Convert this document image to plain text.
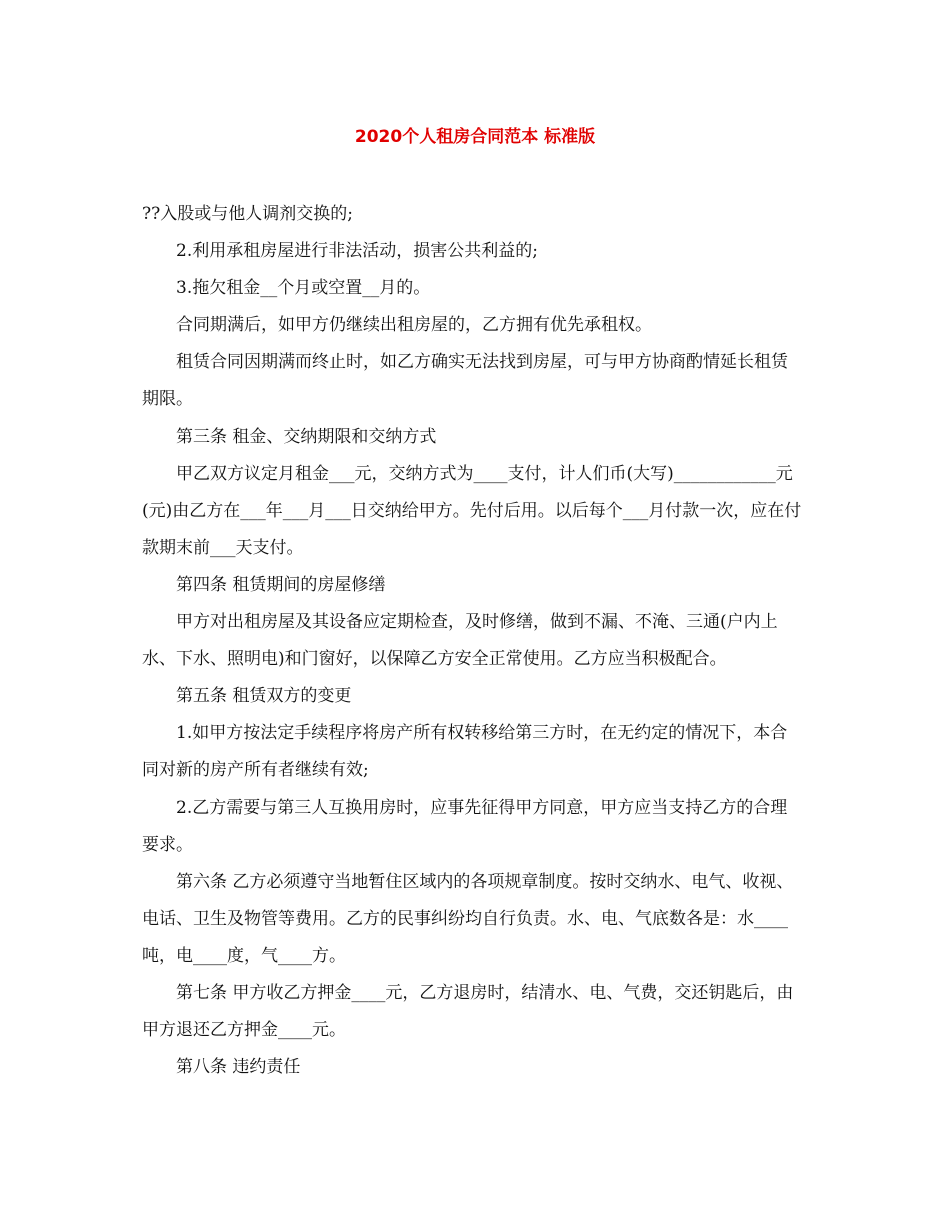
2020个人租房合同范本 标准版

??入股或与他人调剂交换的;

2.利用承租房屋进行非法活动，损害公共利益的;

3.拖欠租金__个月或空置__月的。

合同期满后，如甲方仍继续出租房屋的，乙方拥有优先承租权。

租赁合同因期满而终止时，如乙方确实无法找到房屋，可与甲方协商酌情延长租赁期限。

第三条 租金、交纳期限和交纳方式

甲乙双方议定月租金___元，交纳方式为____支付，计人们币(大写)____________元(元)由乙方在___年___月___日交纳给甲方。先付后用。以后每个___月付款一次，应在付款期末前___天支付。

第四条 租赁期间的房屋修缮

甲方对出租房屋及其设备应定期检查，及时修缮，做到不漏、不淹、三通(户内上水、下水、照明电)和门窗好，以保障乙方安全正常使用。乙方应当积极配合。

第五条 租赁双方的变更

1.如甲方按法定手续程序将房产所有权转移给第三方时，在无约定的情况下，本合同对新的房产所有者继续有效;

2.乙方需要与第三人互换用房时，应事先征得甲方同意，甲方应当支持乙方的合理要求。

第六条 乙方必须遵守当地暂住区域内的各项规章制度。按时交纳水、电气、收视、电话、卫生及物管等费用。乙方的民事纠纷均自行负责。水、电、气底数各是：水____吨，电____度，气____方。

第七条 甲方收乙方押金____元，乙方退房时，结清水、电、气费，交还钥匙后，由甲方退还乙方押金____元。

第八条 违约责任
